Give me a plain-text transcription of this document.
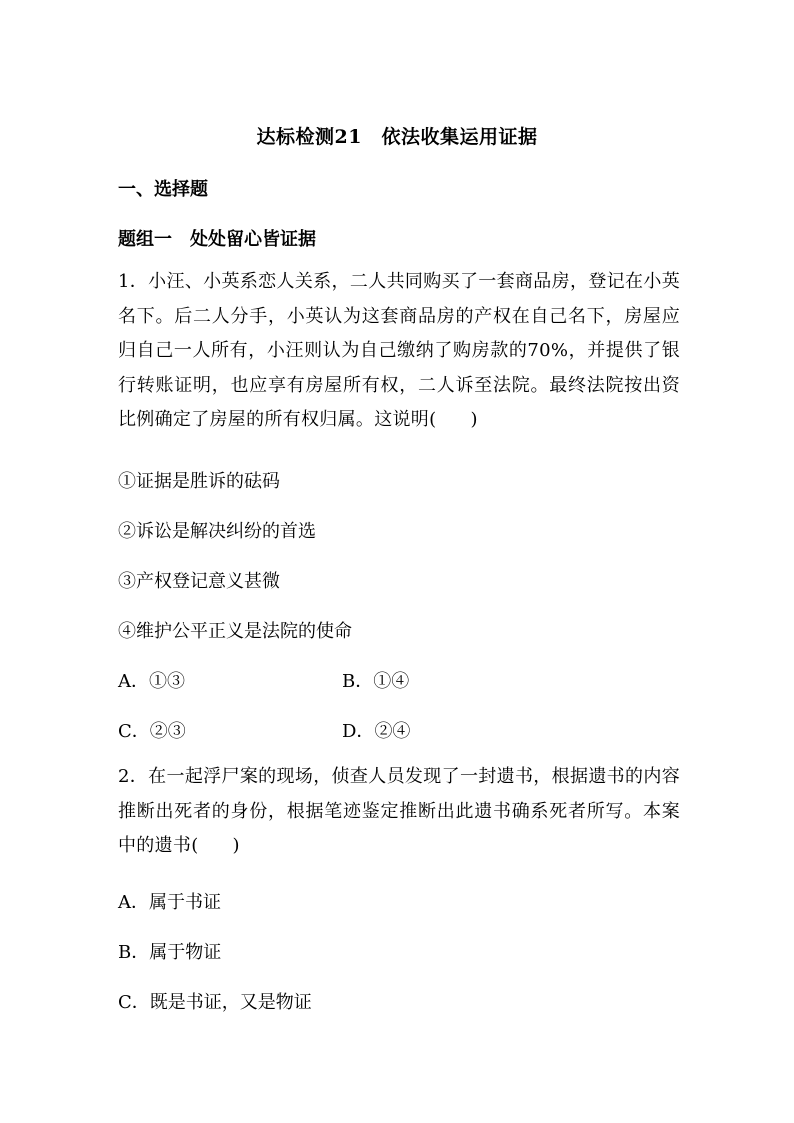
达标检测21　依法收集运用证据
一、选择题
题组一　处处留心皆证据
1．小汪、小英系恋人关系，二人共同购买了一套商品房，登记在小英名下。后二人分手，小英认为这套商品房的产权在自己名下，房屋应归自己一人所有，小汪则认为自己缴纳了购房款的70%，并提供了银行转账证明，也应享有房屋所有权，二人诉至法院。最终法院按出资比例确定了房屋的所有权归属。这说明( )
①证据是胜诉的砝码
②诉讼是解决纠纷的首选
③产权登记意义甚微
④维护公平正义是法院的使命
A．①③	B．①④
C．②③	D．②④
2．在一起浮尸案的现场，侦查人员发现了一封遗书，根据遗书的内容推断出死者的身份，根据笔迹鉴定推断出此遗书确系死者所写。本案中的遗书( )
A．属于书证
B．属于物证
C．既是书证，又是物证
